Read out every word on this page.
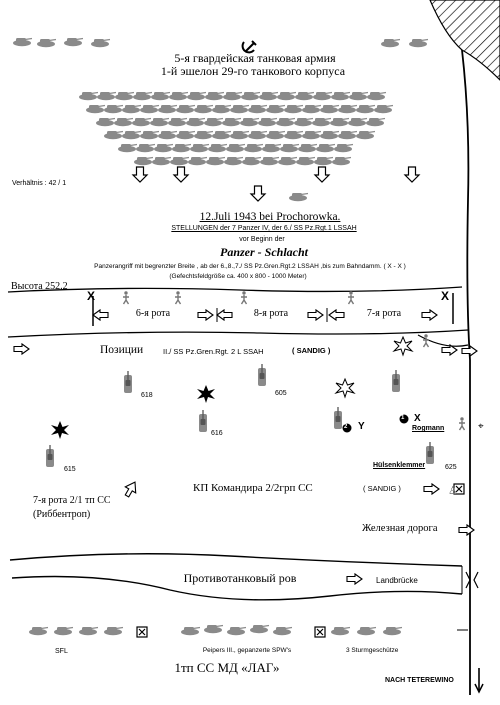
⌖
♙
5-я гвардейская танковая армия
1-й эшелон 29-го танкового корпуса
Verhältnis : 42 / 1
12.Juli 1943 bei Prochorowka.
STELLUNGEN der 7 Panzer IV, der 6./ SS Pz.Rgt.1 LSSAH
vor Beginn der
Panzer - Schlacht
Panzerangriff mit begrenzter Breite , ab der 6.,8.,7./ SS Pz.Gren.Rgt.2 LSSAH ,bis zum Bahndamm. ( X - X )
(Gefechtsfeldgröße ca. 400 x 800 - 1000 Meter)
Высота 252.2
X	X
6-я рота	8-я рота	7-я рота
Позиции	II./ SS Pz.Gren.Rgt. 2 L SSAH	( SANDIG )
618
616
605
615	625
1
2
X
Y	Rogmann
Hülsenklemmer
7-я рота 2/1 тп СС
(Риббентроп)
КП Командира 2/2грп СС	( SANDIG )
Железная дорога
Противотанковый ров	Landbrücke
SFL	Peipers III., gepanzerte SPW's	3 Sturmgeschütze
1тп СС МД «ЛАГ»
NACH TETEREWINO
